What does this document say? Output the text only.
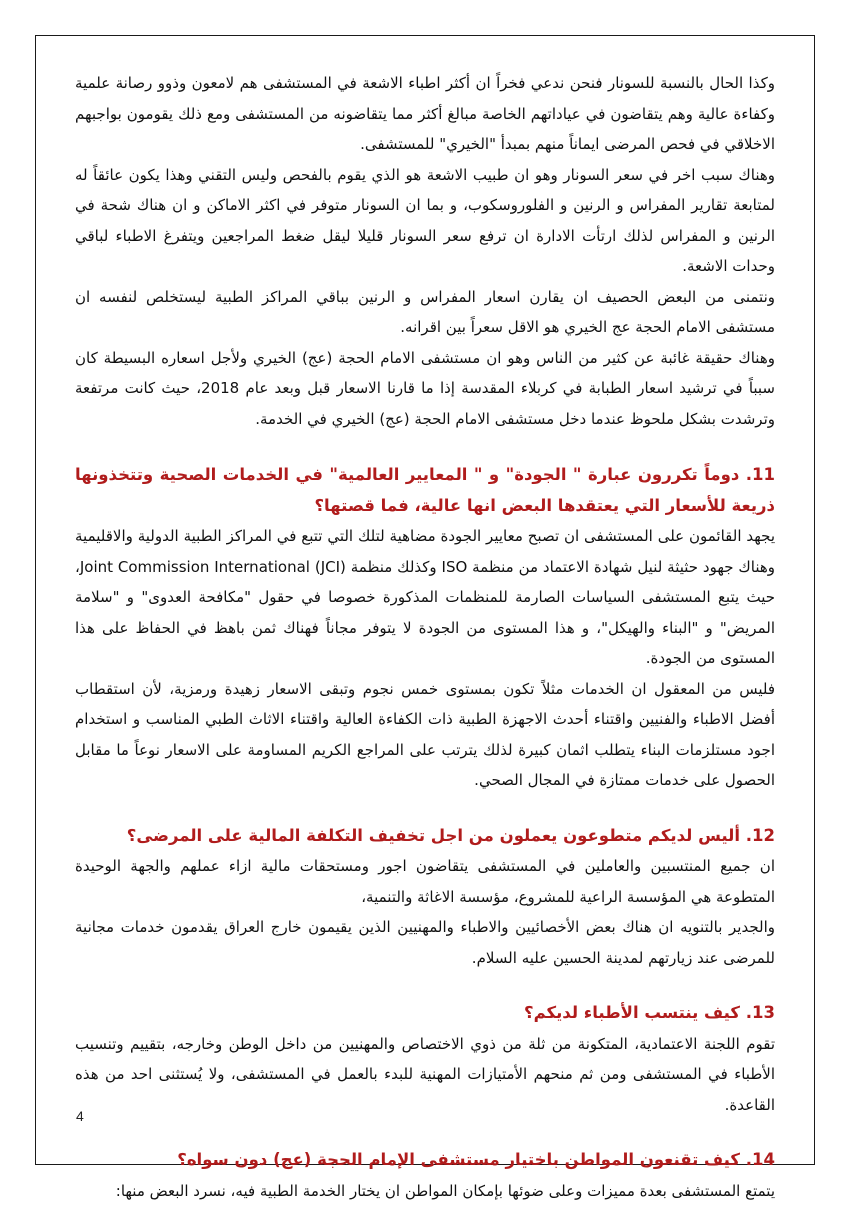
وكذا الحال بالنسبة للسونار فنحن ندعي فخراً ان أكثر اطباء الاشعة في المستشفى هم لامعون وذوو رصانة علمية وكفاءة عالية وهم يتقاضون في عياداتهم الخاصة مبالغ أكثر مما يتقاضونه من المستشفى ومع ذلك يقومون بواجبهم الاخلاقي في فحص المرضى ايماناً منهم بمبدأ "الخيري" للمستشفى.

وهناك سبب اخر في سعر السونار وهو ان طبيب الاشعة هو الذي يقوم بالفحص وليس التقني وهذا يكون عائقاً له لمتابعة تقارير المفراس و الرنين و الفلوروسكوب، و بما ان السونار متوفر في اكثر الاماكن و ان هناك شحة في الرنين و المفراس لذلك ارتأت الادارة ان ترفع سعر السونار قليلا ليقل ضغط المراجعين ويتفرغ الاطباء لباقي وحدات الاشعة.

ونتمنى من البعض الحصيف ان يقارن اسعار المفراس و الرنين بباقي المراكز الطبية ليستخلص لنفسه ان مستشفى الامام الحجة عج الخيري هو الاقل سعراً بين اقرانه.

وهناك حقيقة غائبة عن كثير من الناس وهو ان مستشفى الامام الحجة (عج) الخيري ولأجل اسعاره البسيطة كان سبباً في ترشيد اسعار الطبابة في كربلاء المقدسة إذا ما قارنا الاسعار قبل وبعد عام 2018، حيث كانت مرتفعة وترشدت بشكل ملحوظ عندما دخل مستشفى الامام الحجة (عج) الخيري في الخدمة.

11. دوماً تكررون عبارة " الجودة" و " المعايير العالمية" في الخدمات الصحية وتتخذونها ذريعة للأسعار التي يعتقدها البعض انها عالية، فما قصتها؟

يجهد القائمون على المستشفى ان تصبح معايير الجودة مضاهية لتلك التي تتبع في المراكز الطبية الدولية والاقليمية وهناك جهود حثيثة لنيل شهادة الاعتماد من منظمة ISO وكذلك منظمة Joint Commission International (JCI)، حيث يتبع المستشفى السياسات الصارمة للمنظمات المذكورة خصوصا في حقول "مكافحة العدوى" و "سلامة المريض" و "البناء والهيكل"، و هذا المستوى من الجودة لا يتوفر مجاناً فهناك ثمن باهظ في الحفاظ على هذا المستوى من الجودة.

فليس من المعقول ان الخدمات مثلاً تكون بمستوى خمس نجوم وتبقى الاسعار زهيدة ورمزية، لأن استقطاب أفضل الاطباء والفنيين واقتناء أحدث الاجهزة الطبية ذات الكفاءة العالية واقتناء الاثاث الطبي المناسب و استخدام اجود مستلزمات البناء يتطلب اثمان كبيرة لذلك يترتب على المراجع الكريم المساومة على الاسعار نوعاً ما مقابل الحصول على خدمات ممتازة في المجال الصحي.

12. أليس لديكم متطوعون يعملون من اجل تخفيف التكلفة المالية على المرضى؟

ان جميع المنتسبين والعاملين في المستشفى يتقاضون اجور ومستحقات مالية ازاء عملهم والجهة الوحيدة المتطوعة هي المؤسسة الراعية للمشروع، مؤسسة الاغاثة والتنمية،

والجدير بالتنويه ان هناك بعض الأخصائيين والاطباء والمهنيين الذين يقيمون خارج العراق يقدمون خدمات مجانية للمرضى عند زيارتهم لمدينة الحسين عليه السلام.

13. كيف ينتسب الأطباء لديكم؟

تقوم اللجنة الاعتمادية، المتكونة من ثلة من ذوي الاختصاص والمهنيين من داخل الوطن وخارجه، بتقييم وتنسيب الأطباء في المستشفى ومن ثم منحهم الأمتيازات المهنية للبدء بالعمل في المستشفى، ولا يُستثنى احد من هذه القاعدة.

14. كيف تقنعون المواطن باختيار مستشفى الإمام الحجة (عج) دون سواه؟

يتمتع المستشفى بعدة مميزات وعلى ضوئها بإمكان المواطن ان يختار الخدمة الطبية فيه، نسرد البعض منها:

4
